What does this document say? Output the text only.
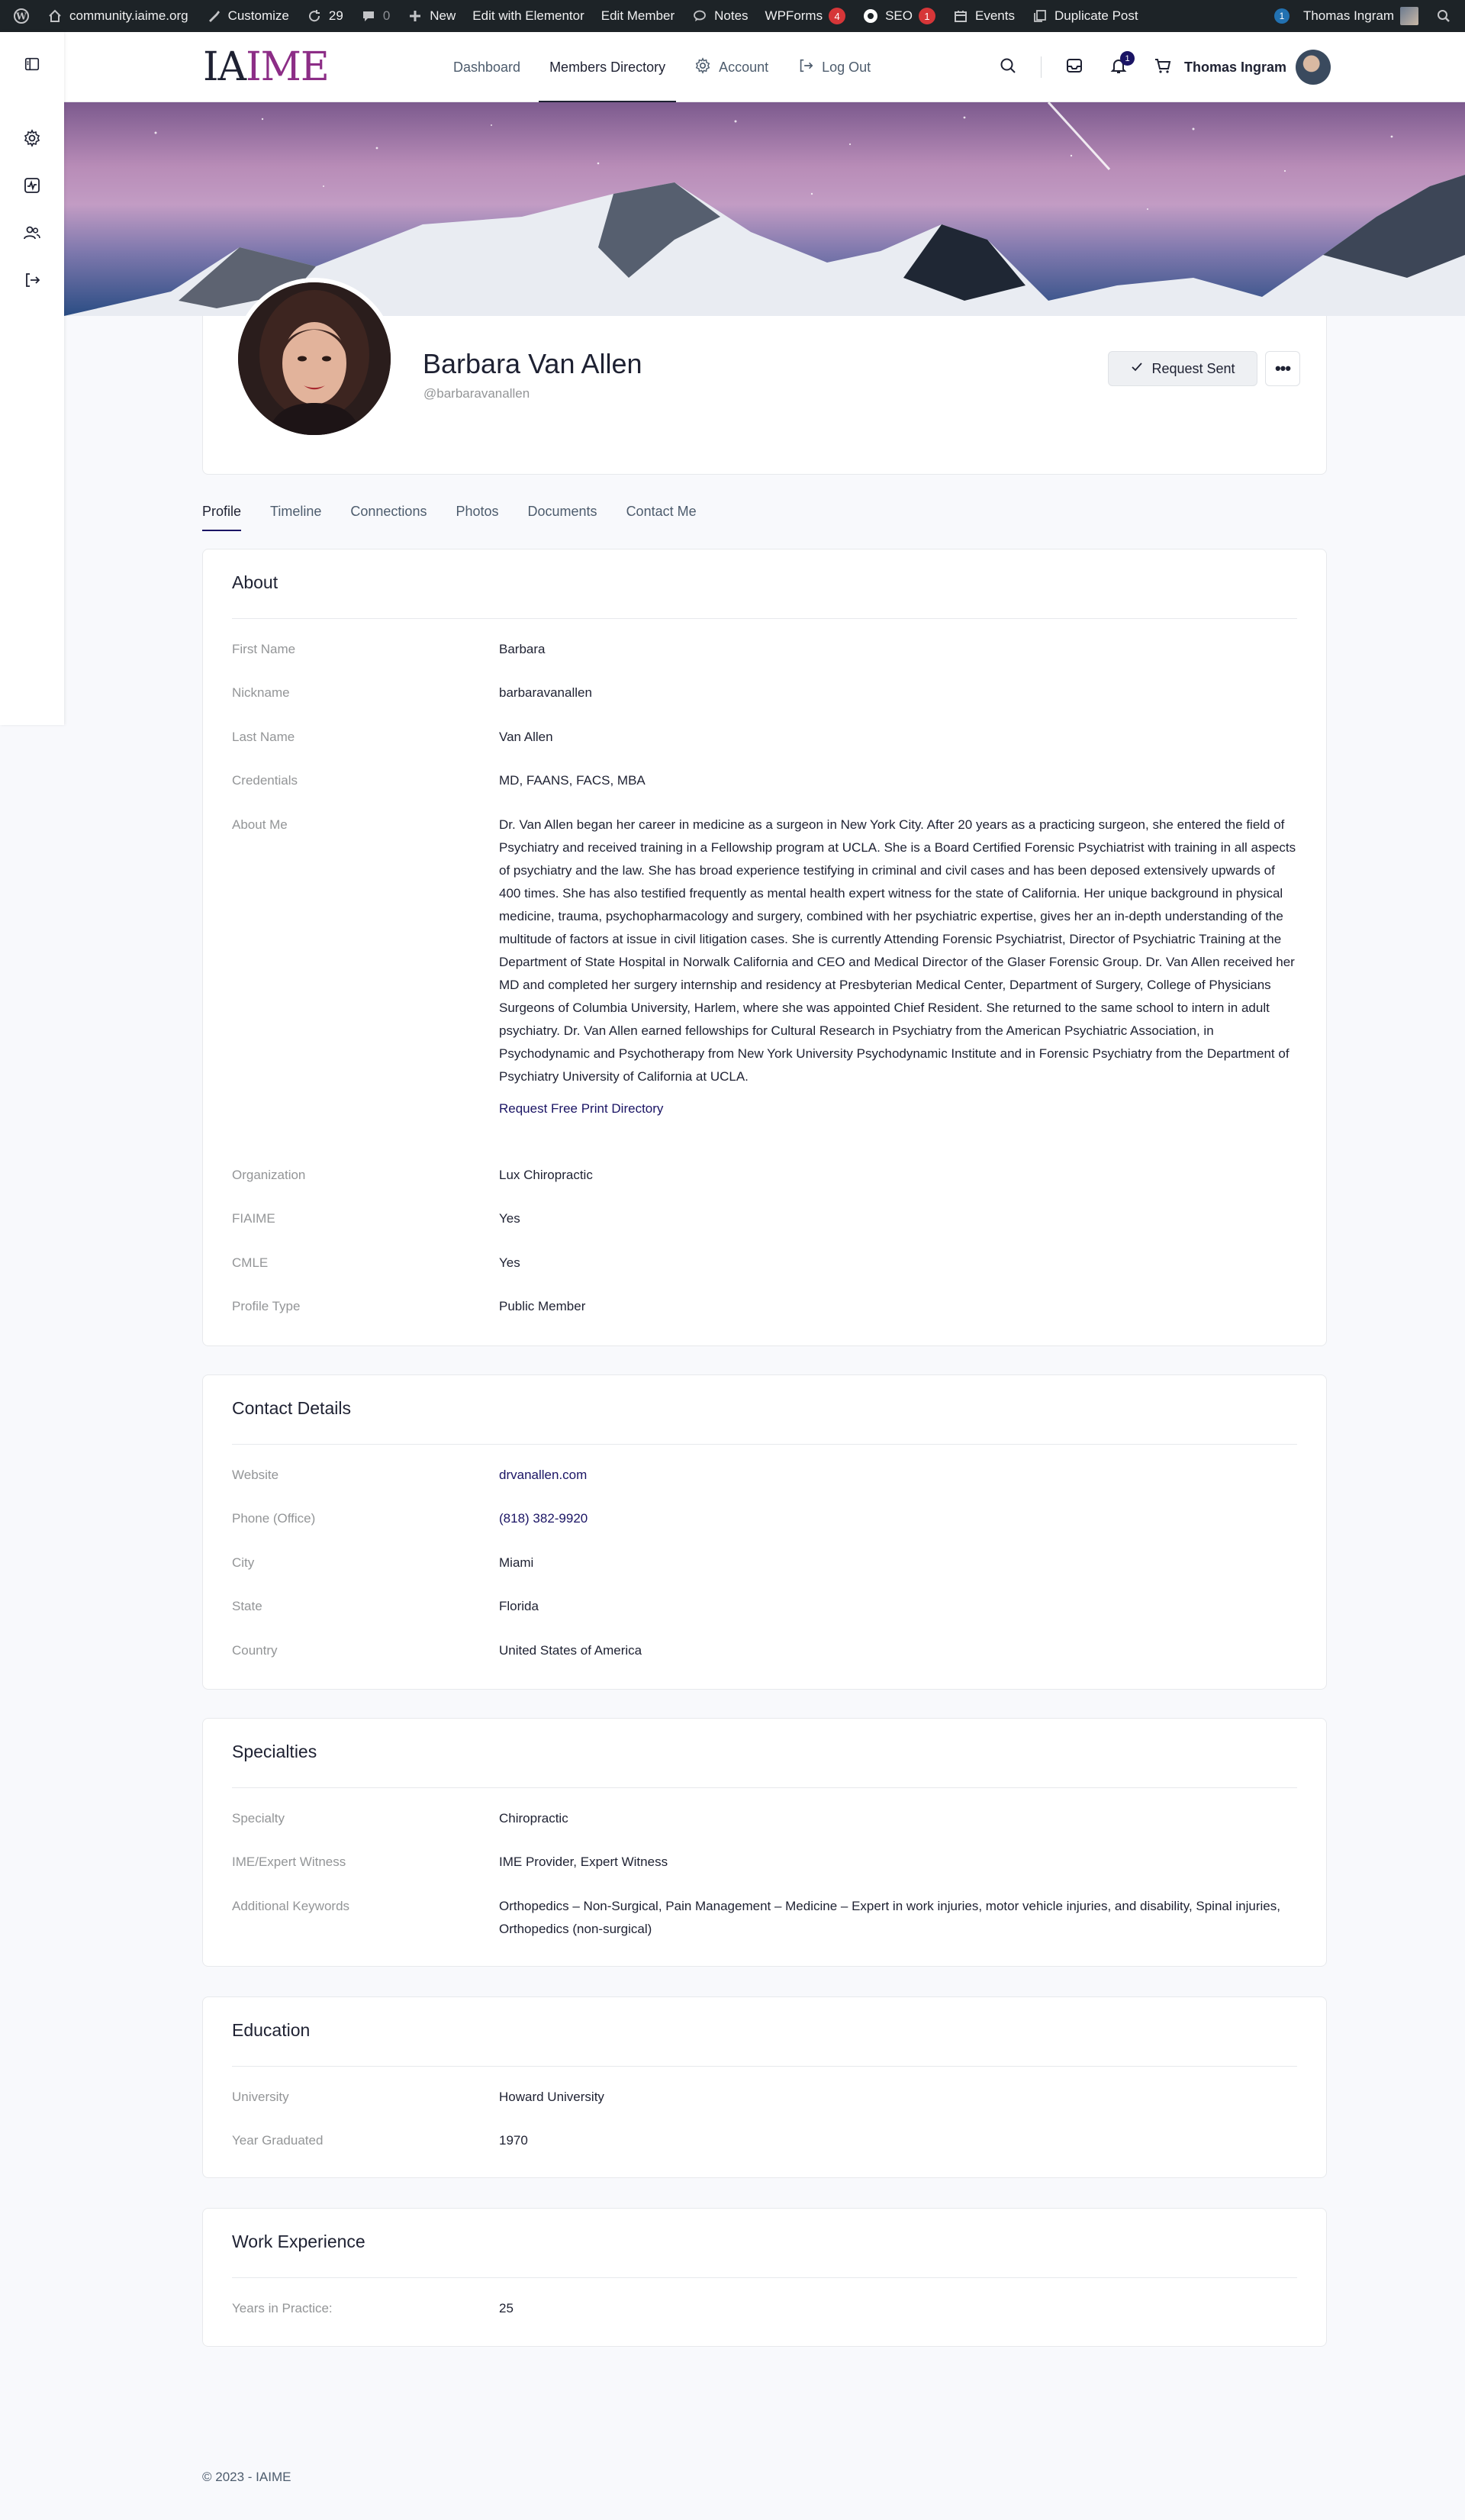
W	community.iaime.org	Customize	29	0	New Edit with Elementor Edit Member	Notes WPForms	4	SEO	1	Events	Duplicate Post	1	Thomas Ingram
IAIME	Dashboard Members Directory	Account	Log Out
1
Thomas Ingram
Barbara Van Allen
@barbaravanallen
Request Sent •••
Profile Timeline Connections Photos Documents Contact Me
About
First Name	Barbara
Nickname	barbaravanallen
Last Name	Van Allen
Credentials	MD, FAANS, FACS, MBA
About Me	Dr. Van Allen began her career in medicine as a surgeon in New York City. After 20 years as a practicing surgeon, she entered the field of Psychiatry and received training in a Fellowship program at UCLA. She is a Board Certified Forensic Psychiatrist with training in all aspects of psychiatry and the law. She has broad experience testifying in criminal and civil cases and has been deposed extensively upwards of 400 times. She has also testified frequently as mental health expert witness for the state of California. Her unique background in physical medicine, trauma, psychopharmacology and surgery, combined with her psychiatric expertise, gives her an in-depth understanding of the multitude of factors at issue in civil litigation cases. She is currently Attending Forensic Psychiatrist, Director of Psychiatric Training at the Department of State Hospital in Norwalk California and CEO and Medical Director of the Glaser Forensic Group. Dr. Van Allen received her MD and completed her surgery internship and residency at Presbyterian Medical Center, Department of Surgery, College of Physicians Surgeons of Columbia University, Harlem, where she was appointed Chief Resident. She returned to the same school to intern in adult psychiatry. Dr. Van Allen earned fellowships for Cultural Research in Psychiatry from the American Psychiatric Association, in Psychodynamic and Psychotherapy from New York University Psychodynamic Institute and in Forensic Psychiatry from the Department of Psychiatry University of California at UCLA.
Request Free Print Directory
Organization	Lux Chiropractic
FIAIME	Yes
CMLE	Yes
Profile Type	Public Member
Contact Details
Website	drvanallen.com
Phone (Office)	(818) 382-9920
City	Miami
State	Florida
Country	United States of America
Specialties
Specialty	Chiropractic
IME/Expert Witness	IME Provider, Expert Witness
Additional Keywords	Orthopedics – Non-Surgical, Pain Management – Medicine – Expert in work injuries, motor vehicle injuries, and disability, Spinal injuries, Orthopedics (non-surgical)
Education
University	Howard University
Year Graduated	1970
Work Experience
Years in Practice:	25
© 2023 - IAIME
